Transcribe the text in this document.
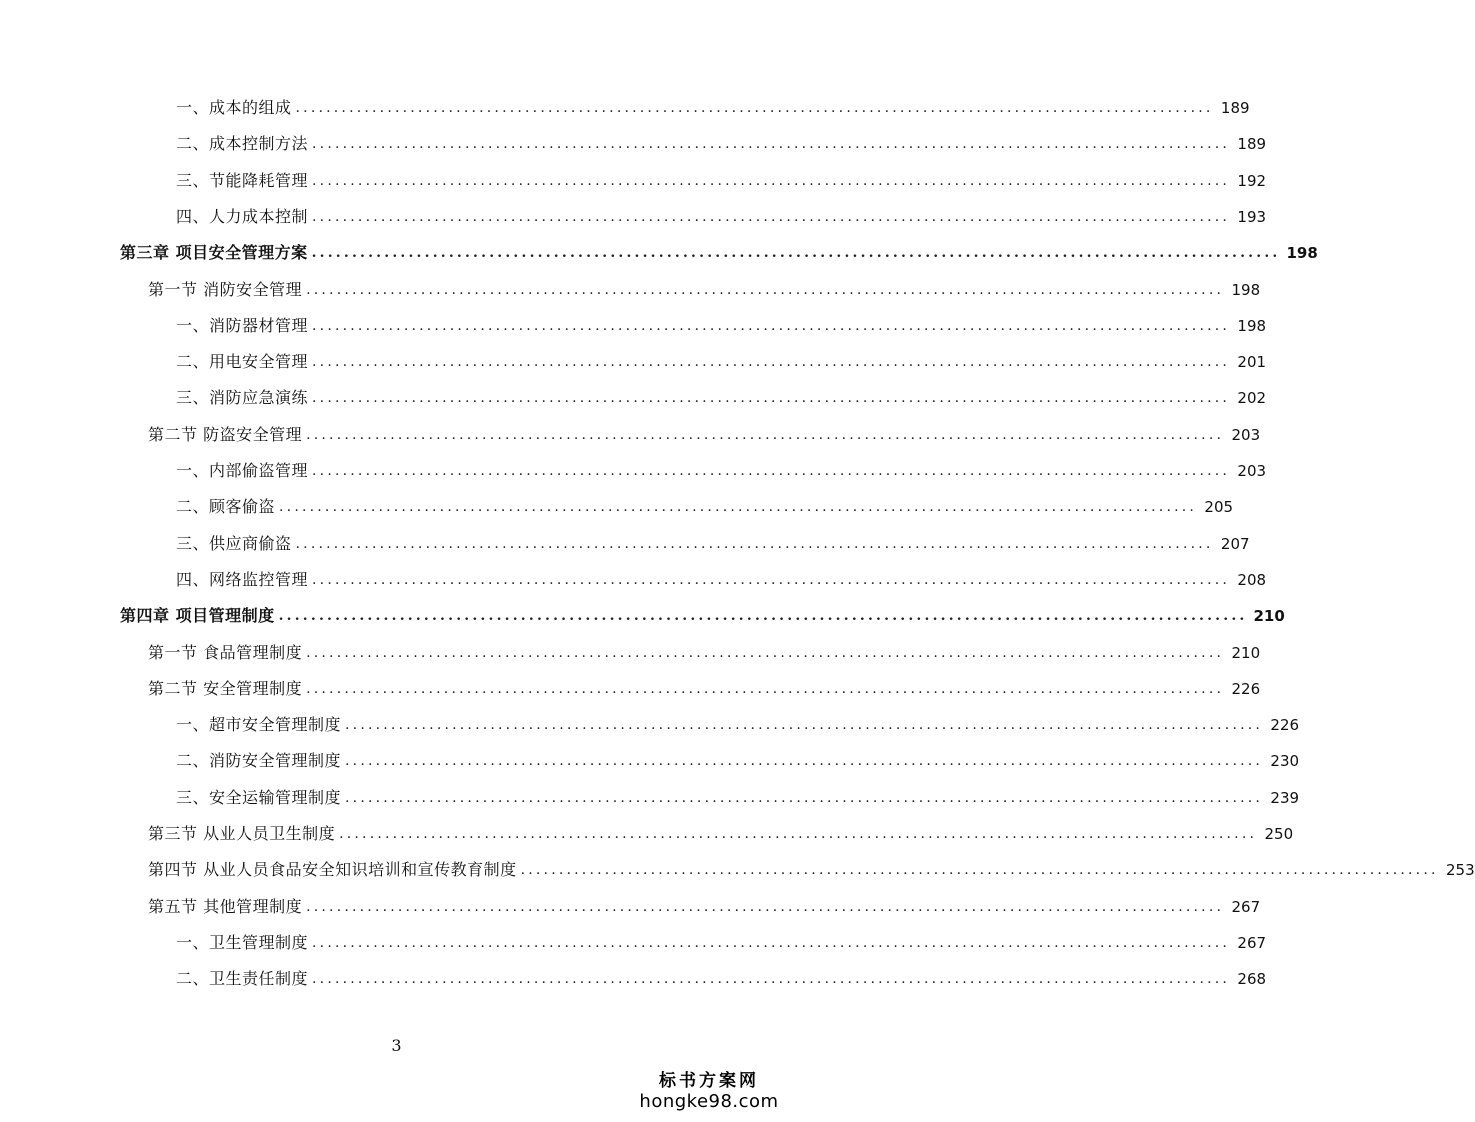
一、成本的组成 ........................................................................................................................ 189
二、成本控制方法 ........................................................................................................................ 189
三、节能降耗管理 ........................................................................................................................ 192
四、人力成本控制 ........................................................................................................................ 193
第三章 项目安全管理方案 ........................................................................................................................ 198
第一节 消防安全管理 ........................................................................................................................ 198
一、消防器材管理 ........................................................................................................................ 198
二、用电安全管理 ........................................................................................................................ 201
三、消防应急演练 ........................................................................................................................ 202
第二节 防盗安全管理 ........................................................................................................................ 203
一、内部偷盗管理 ........................................................................................................................ 203
二、顾客偷盗 ........................................................................................................................ 205
三、供应商偷盗 ........................................................................................................................ 207
四、网络监控管理 ........................................................................................................................ 208
第四章 项目管理制度 ........................................................................................................................ 210
第一节 食品管理制度 ........................................................................................................................ 210
第二节 安全管理制度 ........................................................................................................................ 226
一、超市安全管理制度 ........................................................................................................................ 226
二、消防安全管理制度 ........................................................................................................................ 230
三、安全运输管理制度 ........................................................................................................................ 239
第三节 从业人员卫生制度 ........................................................................................................................ 250
第四节 从业人员食品安全知识培训和宣传教育制度 ........................................................................................................................ 253
第五节 其他管理制度 ........................................................................................................................ 267
一、卫生管理制度 ........................................................................................................................ 267
二、卫生责任制度 ........................................................................................................................ 268
3
标书方案网
hongke98.com
